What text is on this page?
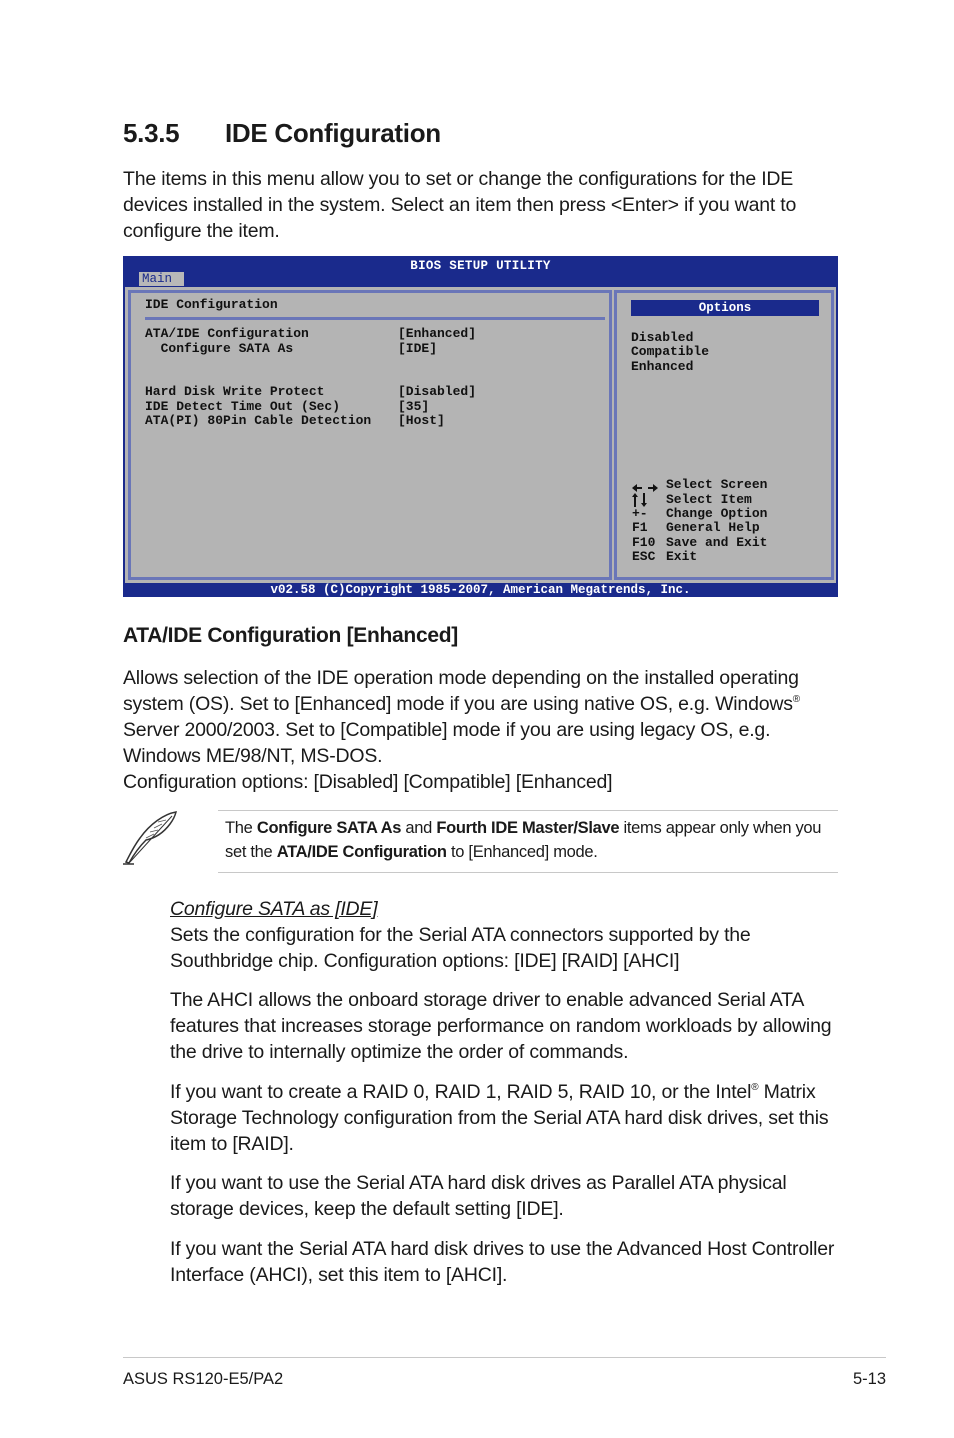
5.3.5 IDE Configuration

The items in this menu allow you to set or change the configurations for the IDE devices installed in the system. Select an item then press <Enter> if you want to configure the item.

BIOS SETUP UTILITY
Main
IDE Configuration
ATA/IDE Configuration	[Enhanced]
Configure SATA As	[IDE]
Hard Disk Write Protect	[Disabled]
IDE Detect Time Out (Sec)	[35]
ATA(PI) 80Pin Cable Detection [Host]
Options
Disabled
Compatible
Enhanced
Select Screen
Select Item
+- Change Option
F1 General Help
F10 Save and Exit
ESC Exit
v02.58 (C)Copyright 1985-2007, American Megatrends, Inc.
ATA/IDE Configuration [Enhanced]
Allows selection of the IDE operation mode depending on the installed operating system (OS). Set to [Enhanced] mode if you are using native OS, e.g. Windows® Server 2000/2003. Set to [Compatible] mode if you are using legacy OS, e.g. Windows ME/98/NT, MS-DOS.
Configuration options: [Disabled] [Compatible] [Enhanced]
The Configure SATA As and Fourth IDE Master/Slave items appear only when you set the ATA/IDE Configuration to [Enhanced] mode.
Configure SATA as [IDE]
Sets the configuration for the Serial ATA connectors supported by the Southbridge chip. Configuration options: [IDE] [RAID] [AHCI]

The AHCI allows the onboard storage driver to enable advanced Serial ATA features that increases storage performance on random workloads by allowing the drive to internally optimize the order of commands.

If you want to create a RAID 0, RAID 1, RAID 5, RAID 10, or the Intel® Matrix Storage Technology configuration from the Serial ATA hard disk drives, set this item to [RAID].

If you want to use the Serial ATA hard disk drives as Parallel ATA physical storage devices, keep the default setting [IDE].

If you want the Serial ATA hard disk drives to use the Advanced Host Controller Interface (AHCI), set this item to [AHCI].

ASUS RS120-E5/PA2	5-13
